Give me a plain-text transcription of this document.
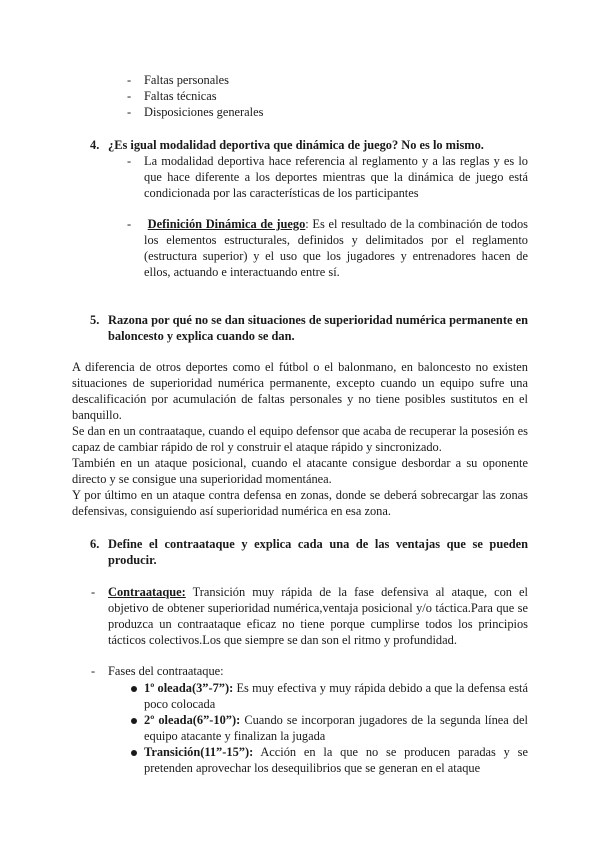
- Faltas personales
- Faltas técnicas
- Disposiciones generales
4. ¿Es igual modalidad deportiva que dinámica de juego? No es lo mismo.
- La modalidad deportiva hace referencia al reglamento y a las reglas y es lo que hace diferente a los deportes mientras que la dinámica de juego está condicionada por las características de los participantes
- Definición Dinámica de juego: Es el resultado de la combinación de todos los elementos estructurales, definidos y delimitados por el reglamento (estructura superior) y el uso que los jugadores y entrenadores hacen de ellos, actuando e interactuando entre sí.
5. Razona por qué no se dan situaciones de superioridad numérica permanente en baloncesto y explica cuando se dan.
A diferencia de otros deportes como el fútbol o el balonmano, en baloncesto no existen situaciones de superioridad numérica permanente, excepto cuando un equipo sufre una descalificación por acumulación de faltas personales y no tiene posibles sustitutos en el banquillo.
Se dan en un contraataque, cuando el equipo defensor que acaba de recuperar la posesión es capaz de cambiar rápido de rol y construir el ataque rápido y sincronizado.
También en un ataque posicional, cuando el atacante consigue desbordar a su oponente directo y se consigue una superioridad momentánea.
Y por último en un ataque contra defensa en zonas, donde se deberá sobrecargar las zonas defensivas, consiguiendo así superioridad numérica en esa zona.
6. Define el contraataque y explica cada una de las ventajas que se pueden producir.
- Contraataque: Transición muy rápida de la fase defensiva al ataque, con el objetivo de obtener superioridad numérica,ventaja posicional y/o táctica.Para que se produzca un contraataque eficaz no tiene porque cumplirse todos los principios tácticos colectivos.Los que siempre se dan son el ritmo y profundidad.
- Fases del contraataque:
1º oleada(3”-7”): Es muy efectiva y muy rápida debido a que la defensa está poco colocada
2º oleada(6”-10”): Cuando se incorporan jugadores de la segunda línea del equipo atacante y finalizan la jugada
Transición(11”-15”): Acción en la que no se producen paradas y se pretenden aprovechar los desequilibrios que se generan en el ataque
